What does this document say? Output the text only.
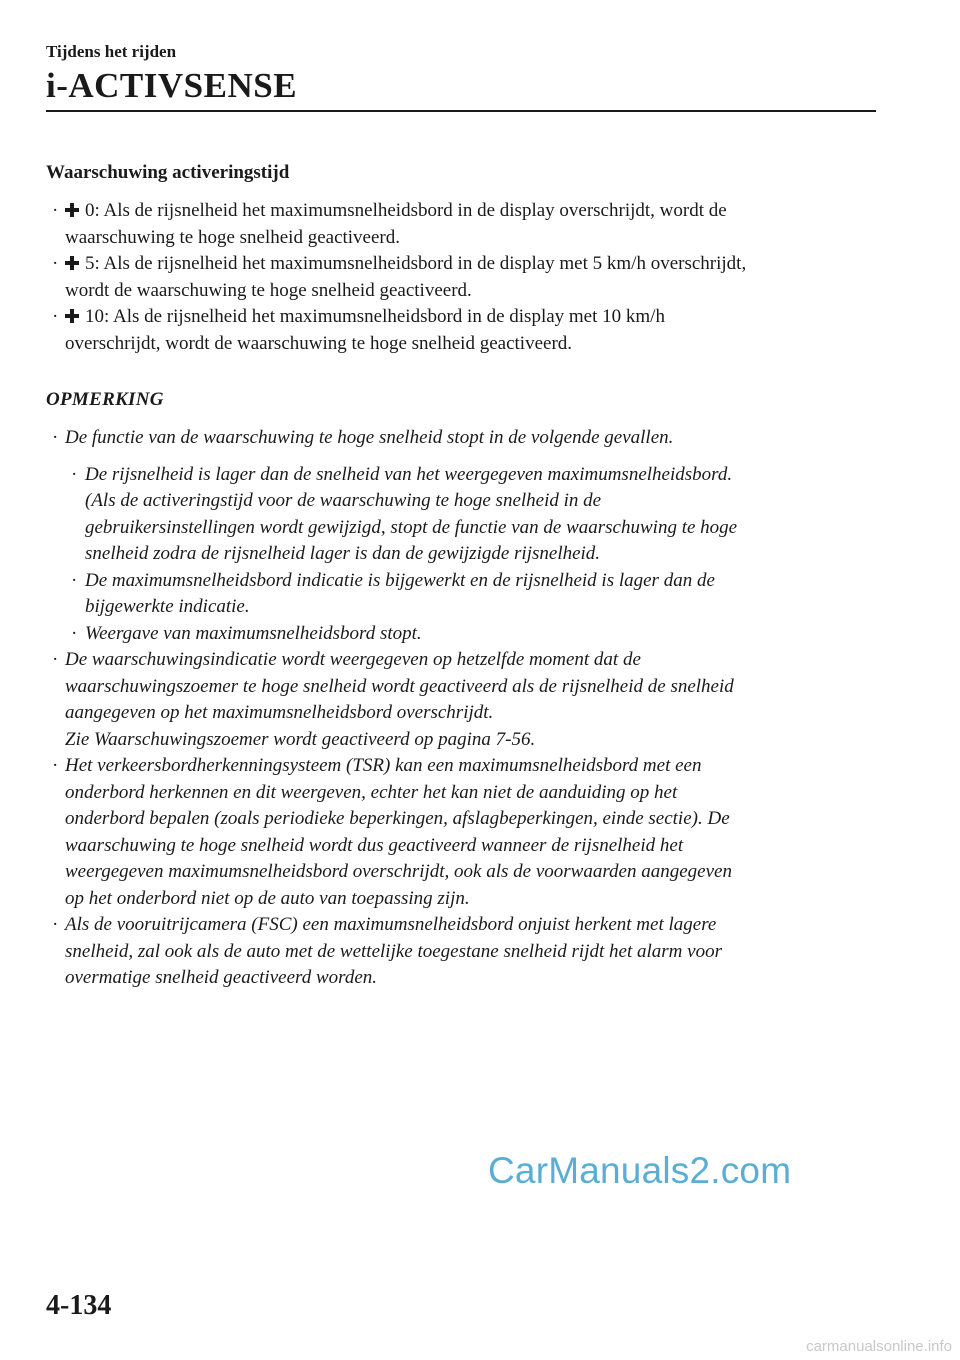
Tijdens het rijden
i-ACTIVSENSE
Waarschuwing activeringstijd
· 0: Als de rijsnelheid het maximumsnelheidsbord in de display overschrijdt, wordt de
waarschuwing te hoge snelheid geactiveerd.
· 5: Als de rijsnelheid het maximumsnelheidsbord in de display met 5 km/h overschrijdt,
wordt de waarschuwing te hoge snelheid geactiveerd.
· 10: Als de rijsnelheid het maximumsnelheidsbord in de display met 10 km/h
overschrijdt, wordt de waarschuwing te hoge snelheid geactiveerd.
OPMERKING
· De functie van de waarschuwing te hoge snelheid stopt in de volgende gevallen.
· De rijsnelheid is lager dan de snelheid van het weergegeven maximumsnelheidsbord.
(Als de activeringstijd voor de waarschuwing te hoge snelheid in de
gebruikersinstellingen wordt gewijzigd, stopt de functie van de waarschuwing te hoge
snelheid zodra de rijsnelheid lager is dan de gewijzigde rijsnelheid.
· De maximumsnelheidsbord indicatie is bijgewerkt en de rijsnelheid is lager dan de
bijgewerkte indicatie.
· Weergave van maximumsnelheidsbord stopt.
· De waarschuwingsindicatie wordt weergegeven op hetzelfde moment dat de
waarschuwingszoemer te hoge snelheid wordt geactiveerd als de rijsnelheid de snelheid
aangegeven op het maximumsnelheidsbord overschrijdt.
Zie Waarschuwingszoemer wordt geactiveerd op pagina 7-56.
· Het verkeersbordherkenningsysteem (TSR) kan een maximumsnelheidsbord met een
onderbord herkennen en dit weergeven, echter het kan niet de aanduiding op het
onderbord bepalen (zoals periodieke beperkingen, afslagbeperkingen, einde sectie). De
waarschuwing te hoge snelheid wordt dus geactiveerd wanneer de rijsnelheid het
weergegeven maximumsnelheidsbord overschrijdt, ook als de voorwaarden aangegeven
op het onderbord niet op de auto van toepassing zijn.
· Als de vooruitrijcamera (FSC) een maximumsnelheidsbord onjuist herkent met lagere
snelheid, zal ook als de auto met de wettelijke toegestane snelheid rijdt het alarm voor
overmatige snelheid geactiveerd worden.
CarManuals2.com
4-134
carmanualsonline.info
